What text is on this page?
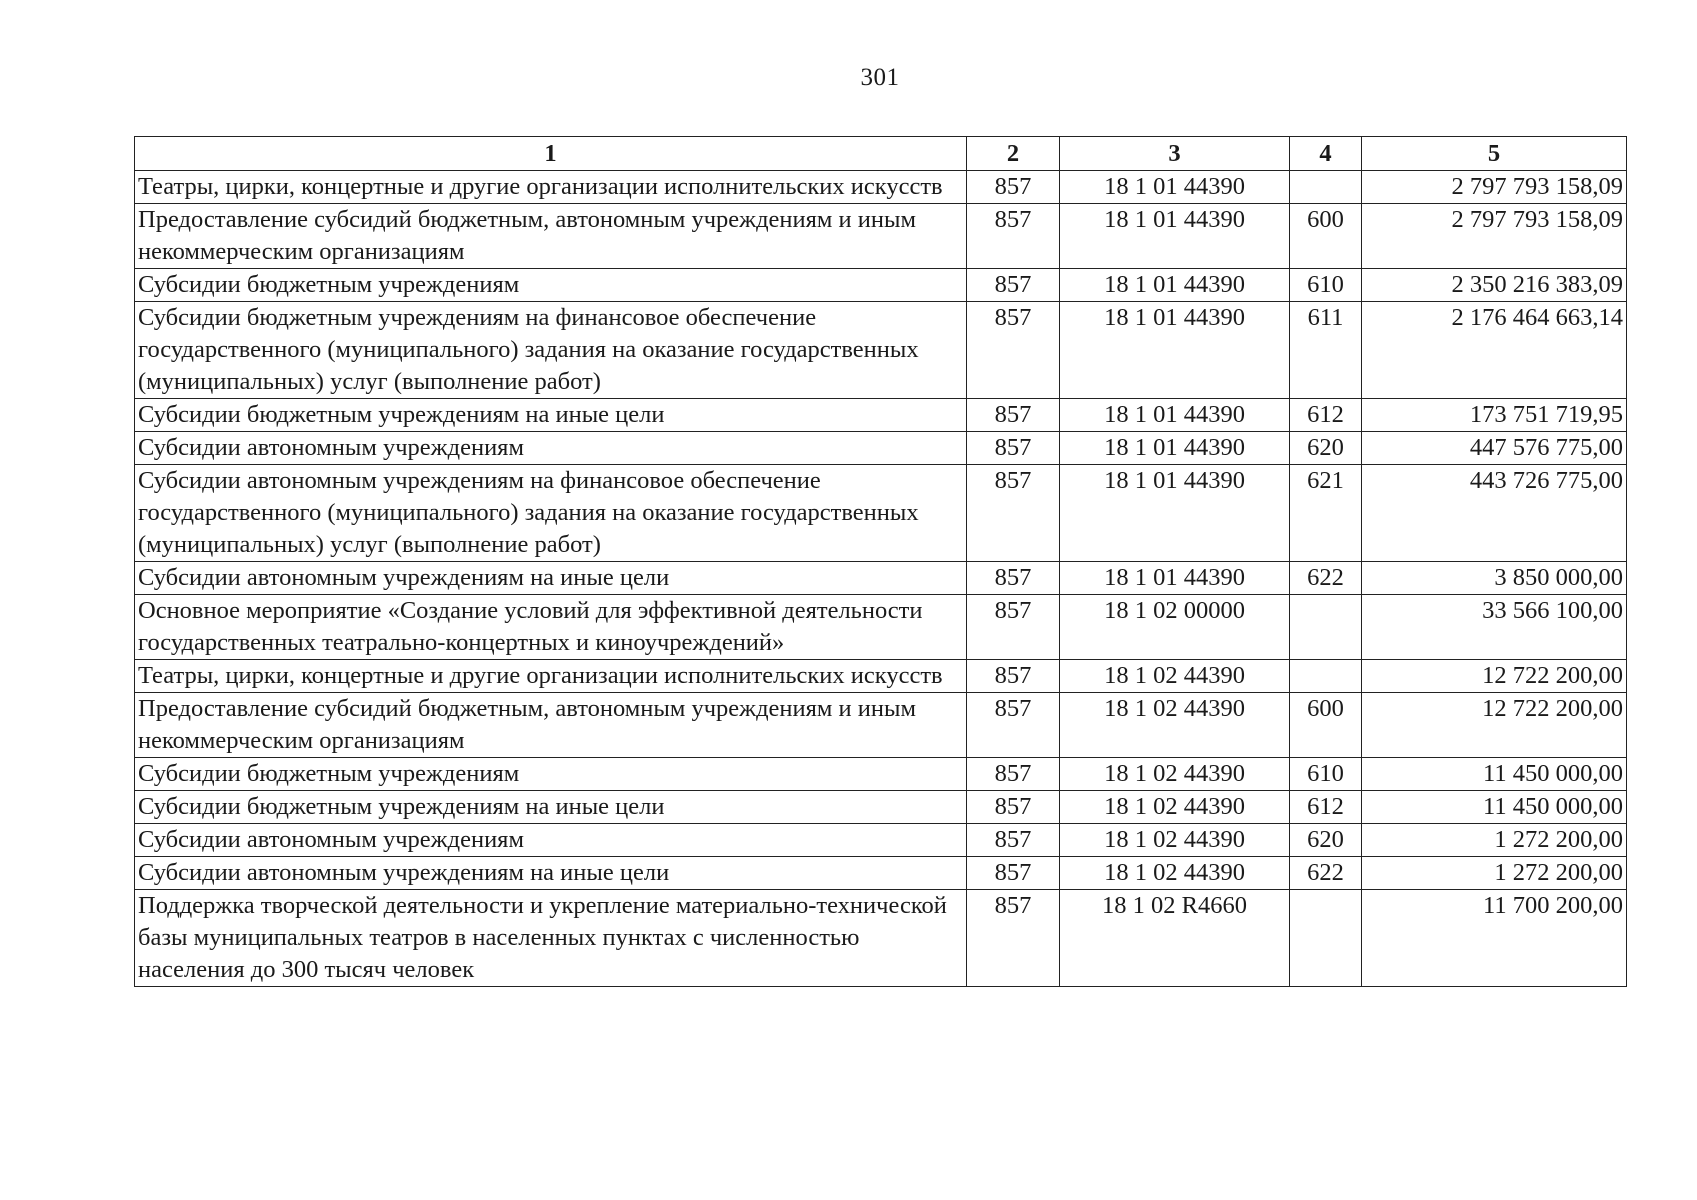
301
1	2	3	4	5
Театры, цирки, концертные и другие организации исполнительских искусств	857	18 1 01 44390		2 797 793 158,09
Предоставление субсидий бюджетным, автономным учреждениям и иным некоммерческим организациям	857	18 1 01 44390	600	2 797 793 158,09
Субсидии бюджетным учреждениям	857	18 1 01 44390	610	2 350 216 383,09
Субсидии бюджетным учреждениям на финансовое обеспечение государственного (муниципального) задания на оказание государственных (муниципальных) услуг (выполнение работ)	857	18 1 01 44390	611	2 176 464 663,14
Субсидии бюджетным учреждениям на иные цели	857	18 1 01 44390	612	173 751 719,95
Субсидии автономным учреждениям	857	18 1 01 44390	620	447 576 775,00
Субсидии автономным учреждениям на финансовое обеспечение государственного (муниципального) задания на оказание государственных (муниципальных) услуг (выполнение работ)	857	18 1 01 44390	621	443 726 775,00
Субсидии автономным учреждениям на иные цели	857	18 1 01 44390	622	3 850 000,00
Основное мероприятие «Создание условий для эффективной деятельности государственных театрально-концертных и киноучреждений»	857	18 1 02 00000		33 566 100,00
Театры, цирки, концертные и другие организации исполнительских искусств	857	18 1 02 44390		12 722 200,00
Предоставление субсидий бюджетным, автономным учреждениям и иным некоммерческим организациям	857	18 1 02 44390	600	12 722 200,00
Субсидии бюджетным учреждениям	857	18 1 02 44390	610	11 450 000,00
Субсидии бюджетным учреждениям на иные цели	857	18 1 02 44390	612	11 450 000,00
Субсидии автономным учреждениям	857	18 1 02 44390	620	1 272 200,00
Субсидии автономным учреждениям на иные цели	857	18 1 02 44390	622	1 272 200,00
Поддержка творческой деятельности и укрепление материально-технической базы муниципальных театров в населенных пунктах с численностью населения до 300 тысяч человек	857	18 1 02 R4660		11 700 200,00
